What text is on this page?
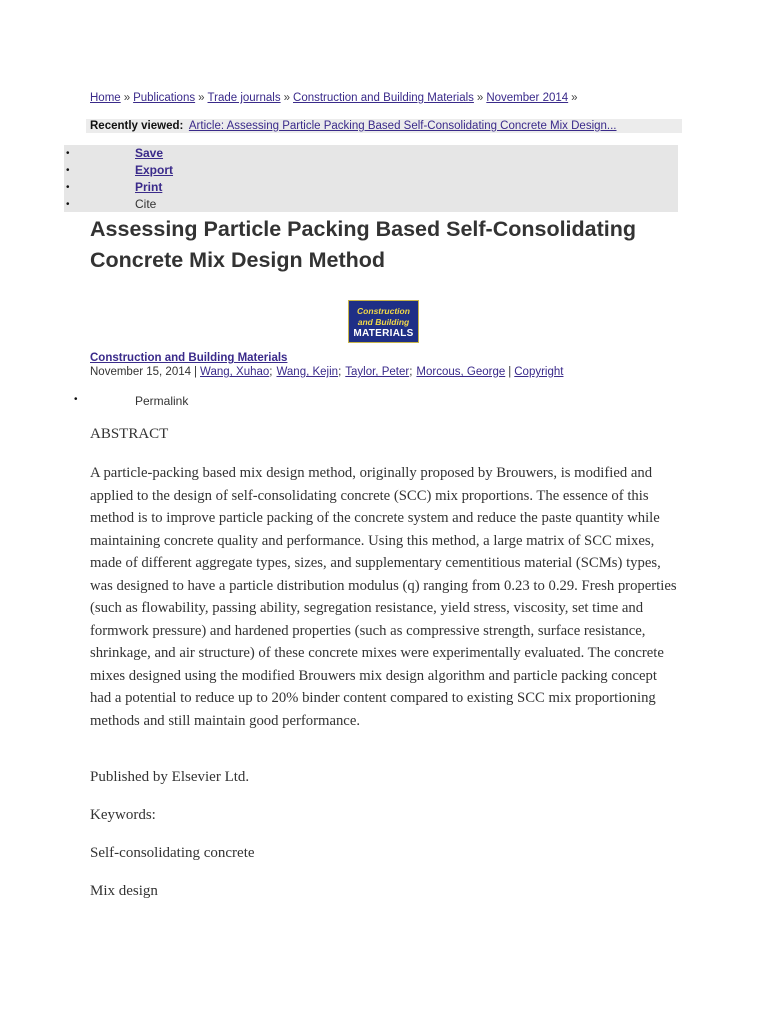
Home » Publications » Trade journals » Construction and Building Materials » November 2014 »
Recently viewed: Article: Assessing Particle Packing Based Self-Consolidating Concrete Mix Design...
•	Save
•	Export
•	Print
•	Cite
Assessing Particle Packing Based Self-Consolidating Concrete Mix Design Method
Construction
and Building
MATERIALS
Construction and Building Materials
November 15, 2014 | Wang, Xuhao; Wang, Kejin; Taylor, Peter; Morcous, George | Copyright
•	Permalink
ABSTRACT

A particle-packing based mix design method, originally proposed by Brouwers, is modified and applied to the design of self-consolidating concrete (SCC) mix proportions. The essence of this method is to improve particle packing of the concrete system and reduce the paste quantity while maintaining concrete quality and performance. Using this method, a large matrix of SCC mixes, made of different aggregate types, sizes, and supplementary cementitious material (SCMs) types, was designed to have a particle distribution modulus (q) ranging from 0.23 to 0.29. Fresh properties (such as flowability, passing ability, segregation resistance, yield stress, viscosity, set time and formwork pressure) and hardened properties (such as compressive strength, surface resistance, shrinkage, and air structure) of these concrete mixes were experimentally evaluated. The concrete mixes designed using the modified Brouwers mix design algorithm and particle packing concept had a potential to reduce up to 20% binder content compared to existing SCC mix proportioning methods and still maintain good performance.

Published by Elsevier Ltd.
Keywords:
Self-consolidating concrete
Mix design
